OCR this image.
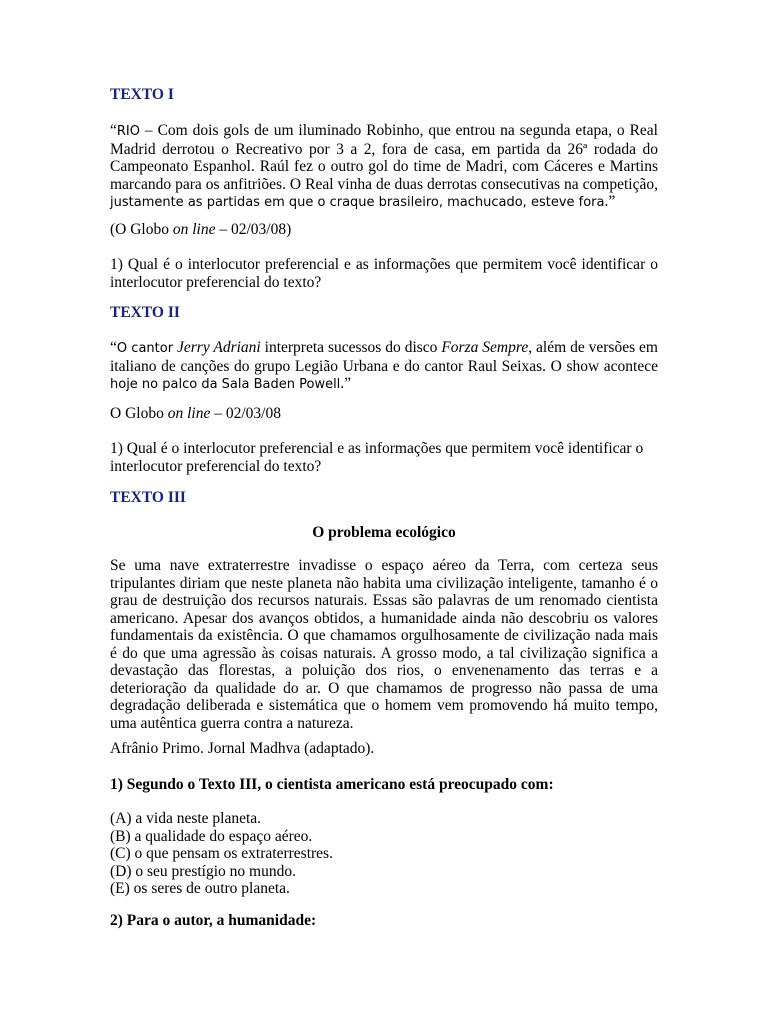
TEXTO I

“RIO – Com dois gols de um iluminado Robinho, que entrou na segunda etapa, o Real Madrid derrotou o Recreativo por 3 a 2, fora de casa, em partida da 26ª rodada do Campeonato Espanhol. Raúl fez o outro gol do time de Madri, com Cáceres e Martins marcando para os anfitriões. O Real vinha de duas derrotas consecutivas na competição, justamente as partidas em que o craque brasileiro, machucado, esteve fora.”

(O Globo on line – 02/03/08)

1) Qual é o interlocutor preferencial e as informações que permitem você identificar o interlocutor preferencial do texto?

TEXTO II

“O cantor Jerry Adriani interpreta sucessos do disco Forza Sempre, além de versões em italiano de canções do grupo Legião Urbana e do cantor Raul Seixas. O show acontece hoje no palco da Sala Baden Powell.”

O Globo on line – 02/03/08

1) Qual é o interlocutor preferencial e as informações que permitem você identificar o interlocutor preferencial do texto?

TEXTO III
O problema ecológico

Se uma nave extraterrestre invadisse o espaço aéreo da Terra, com certeza seus tripulantes diriam que neste planeta não habita uma civilização inteligente, tamanho é o grau de destruição dos recursos naturais. Essas são palavras de um renomado cientista americano. Apesar dos avanços obtidos, a humanidade ainda não descobriu os valores fundamentais da existência. O que chamamos orgulhosamente de civilização nada mais é do que uma agressão às coisas naturais. A grosso modo, a tal civilização significa a devastação das florestas, a poluição dos rios, o envenenamento das terras e a deterioração da qualidade do ar. O que chamamos de progresso não passa de uma degradação deliberada e sistemática que o homem vem promovendo há muito tempo, uma autêntica guerra contra a natureza.

Afrânio Primo. Jornal Madhva (adaptado).

1) Segundo o Texto III, o cientista americano está preocupado com:

(A) a vida neste planeta.
(B) a qualidade do espaço aéreo.
(C) o que pensam os extraterrestres.
(D) o seu prestígio no mundo.
(E) os seres de outro planeta.

2) Para o autor, a humanidade:
